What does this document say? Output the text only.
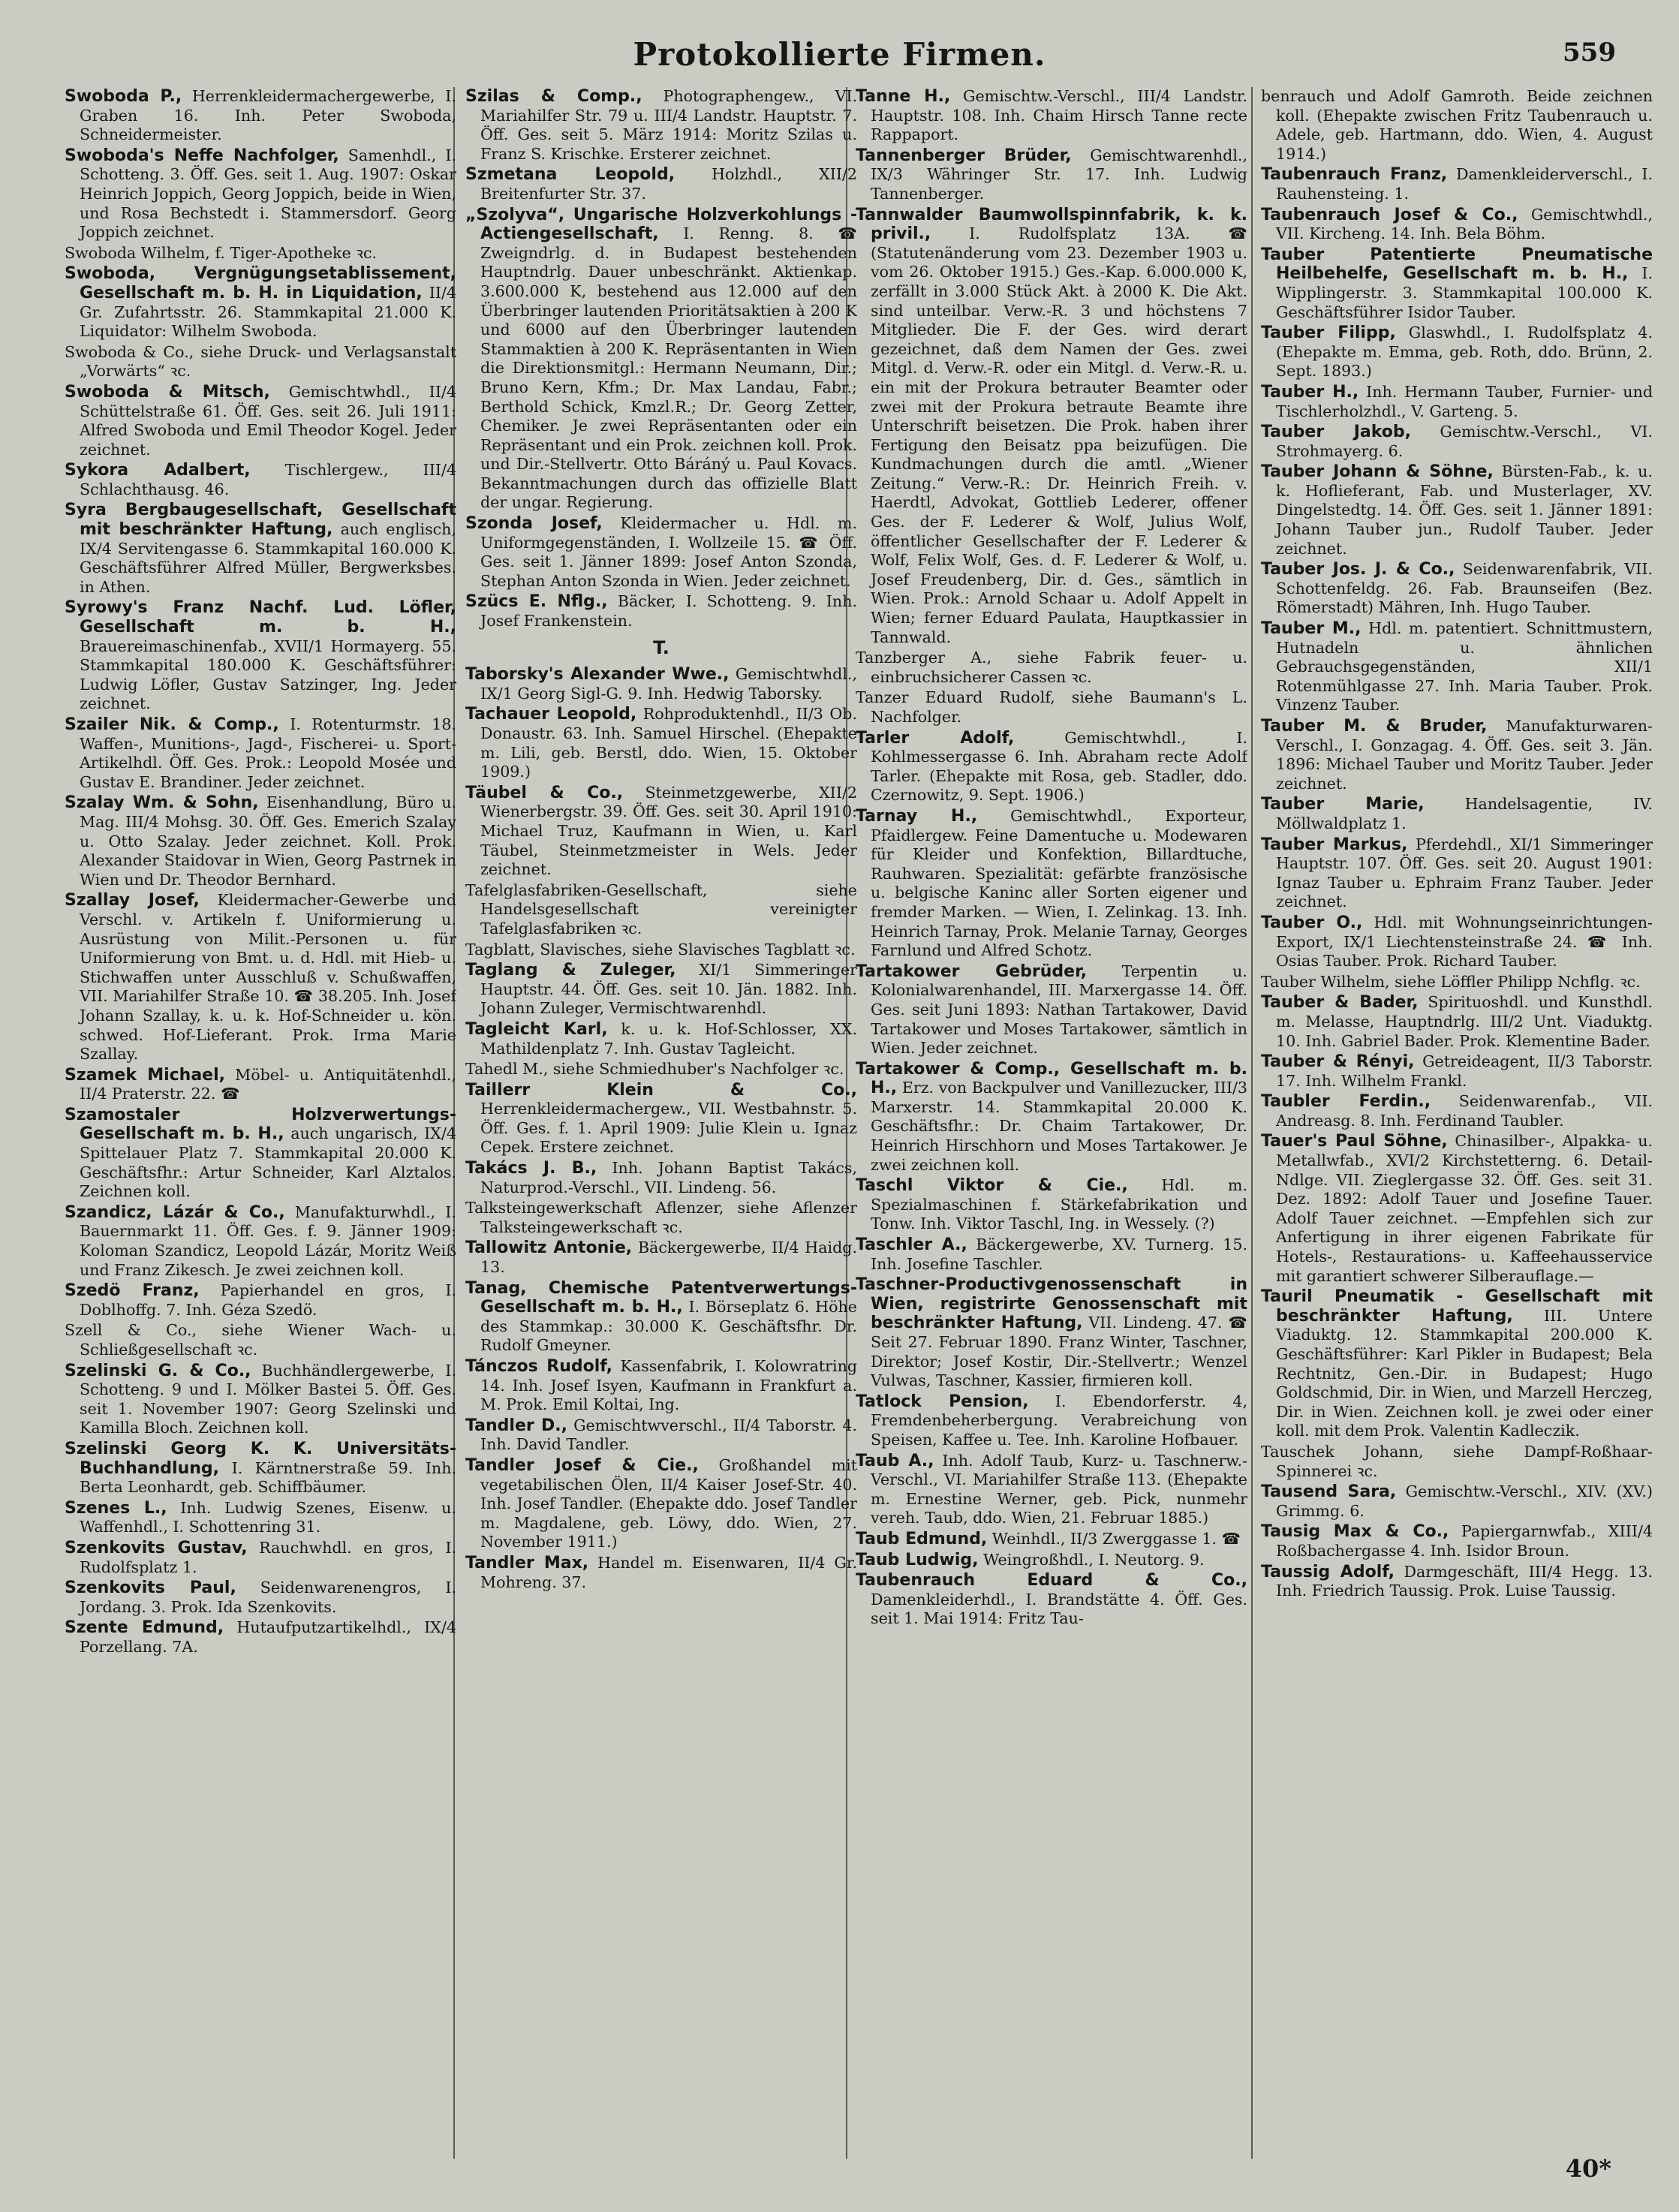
Protokollierte Firmen.	559
Swoboda P., Herrenkleidermachergewerbe, I. Graben 16. Inh. Peter Swoboda, Schneidermeister.
Swoboda's Neffe Nachfolger, Samenhdl., I. Schotteng. 3. Öff. Ges. seit 1. Aug. 1907: Oskar Heinrich Joppich, Georg Joppich, beide in Wien, und Rosa Bechstedt i. Stammersdorf. Georg Joppich zeichnet.
Swoboda Wilhelm, f. Tiger-Apotheke ꝛc.
Swoboda, Vergnügungsetablissement, Gesellschaft m. b. H. in Liquidation, II/4 Gr. Zufahrtsstr. 26. Stammkapital 21.000 K. Liquidator: Wilhelm Swoboda.
Swoboda & Co., siehe Druck- und Verlagsanstalt „Vorwärts“ ꝛc.
Swoboda & Mitsch, Gemischtwhdl., II/4 Schüttelstraße 61. Öff. Ges. seit 26. Juli 1911: Alfred Swoboda und Emil Theodor Kogel. Jeder zeichnet.
Sykora Adalbert, Tischlergew., III/4 Schlachthausg. 46.
Syra Bergbaugesellschaft, Gesellschaft mit beschränkter Haftung, auch englisch, IX/4 Servitengasse 6. Stammkapital 160.000 K. Geschäftsführer Alfred Müller, Bergwerksbes. in Athen.
Syrowy's Franz Nachf. Lud. Löfler, Gesellschaft m. b. H., Brauereimaschinenfab., XVII/1 Hormayerg. 55. Stammkapital 180.000 K. Geschäftsführer: Ludwig Löfler, Gustav Satzinger, Ing. Jeder zeichnet.
Szailer Nik. & Comp., I. Rotenturmstr. 18. Waffen-, Munitions-, Jagd-, Fischerei- u. Sport-Artikelhdl. Öff. Ges. Prok.: Leopold Mosée und Gustav E. Brandiner. Jeder zeichnet.
Szalay Wm. & Sohn, Eisenhandlung, Büro u. Mag. III/4 Mohsg. 30. Öff. Ges. Emerich Szalay u. Otto Szalay. Jeder zeichnet. Koll. Prok. Alexander Staidovar in Wien, Georg Pastrnek in Wien und Dr. Theodor Bernhard.
Szallay Josef, Kleidermacher-Gewerbe und Verschl. v. Artikeln f. Uniformierung u. Ausrüstung von Milit.-Personen u. für Uniformierung von Bmt. u. d. Hdl. mit Hieb- u. Stichwaffen unter Ausschluß v. Schußwaffen, VII. Mariahilfer Straße 10. ☎ 38.205. Inh. Josef Johann Szallay, k. u. k. Hof-Schneider u. kön. schwed. Hof-Lieferant. Prok. Irma Marie Szallay.
Szamek Michael, Möbel- u. Antiquitätenhdl., II/4 Praterstr. 22. ☎
Szamostaler Holzverwertungs-Gesellschaft m. b. H., auch ungarisch, IX/4 Spittelauer Platz 7. Stammkapital 20.000 K. Geschäftsfhr.: Artur Schneider, Karl Alztalos. Zeichnen koll.
Szandicz, Lázár & Co., Manufakturwhdl., I. Bauernmarkt 11. Öff. Ges. f. 9. Jänner 1909: Koloman Szandicz, Leopold Lázár, Moritz Weiß und Franz Zikesch. Je zwei zeichnen koll.
Szedö Franz, Papierhandel en gros, I. Doblhoffg. 7. Inh. Géza Szedö.
Szell & Co., siehe Wiener Wach- u. Schließgesellschaft ꝛc.
Szelinski G. & Co., Buchhändlergewerbe, I. Schotteng. 9 und I. Mölker Bastei 5. Öff. Ges. seit 1. November 1907: Georg Szelinski und Kamilla Bloch. Zeichnen koll.
Szelinski Georg K. K. Universitäts-Buchhandlung, I. Kärntnerstraße 59. Inh. Berta Leonhardt, geb. Schiffbäumer.
Szenes L., Inh. Ludwig Szenes, Eisenw. u. Waffenhdl., I. Schottenring 31.
Szenkovits Gustav, Rauchwhdl. en gros, I. Rudolfsplatz 1.
Szenkovits Paul, Seidenwarenengros, I. Jordang. 3. Prok. Ida Szenkovits.
Szente Edmund, Hutaufputzartikelhdl., IX/4 Porzellang. 7A.
Szilas & Comp., Photographengew., VI. Mariahilfer Str. 79 u. III/4 Landstr. Hauptstr. 7. Öff. Ges. seit 5. März 1914: Moritz Szilas u. Franz S. Krischke. Ersterer zeichnet.
Szmetana Leopold, Holzhdl., XII/2 Breitenfurter Str. 37.
„Szolyva“, Ungarische Holzverkohlungs - Actiengesellschaft, I. Renng. 8. ☎ Zweigndrlg. d. in Budapest bestehenden Hauptndrlg. Dauer unbeschränkt. Aktienkap. 3.600.000 K, bestehend aus 12.000 auf den Überbringer lautenden Prioritätsaktien à 200 K und 6000 auf den Überbringer lautenden Stammaktien à 200 K. Repräsentanten in Wien die Direktionsmitgl.: Hermann Neumann, Dir.; Bruno Kern, Kfm.; Dr. Max Landau, Fabr.; Berthold Schick, Kmzl.R.; Dr. Georg Zetter, Chemiker. Je zwei Repräsentanten oder ein Repräsentant und ein Prok. zeichnen koll. Prok. und Dir.-Stellvertr. Otto Báráný u. Paul Kovacs. Bekanntmachungen durch das offizielle Blatt der ungar. Regierung.
Szonda Josef, Kleidermacher u. Hdl. m. Uniformgegenständen, I. Wollzeile 15. ☎ Öff. Ges. seit 1. Jänner 1899: Josef Anton Szonda, Stephan Anton Szonda in Wien. Jeder zeichnet.
Szücs E. Nflg., Bäcker, I. Schotteng. 9. Inh. Josef Frankenstein.
T.
Taborsky's Alexander Wwe., Gemischtwhdl., IX/1 Georg Sigl-G. 9. Inh. Hedwig Taborsky.
Tachauer Leopold, Rohproduktenhdl., II/3 Ob. Donaustr. 63. Inh. Samuel Hirschel. (Ehepakte m. Lili, geb. Berstl, ddo. Wien, 15. Oktober 1909.)
Täubel & Co., Steinmetzgewerbe, XII/2 Wienerbergstr. 39. Öff. Ges. seit 30. April 1910: Michael Truz, Kaufmann in Wien, u. Karl Täubel, Steinmetzmeister in Wels. Jeder zeichnet.
Tafelglasfabriken-Gesellschaft,	siehe Handelsgesellschaft vereinigter Tafelglasfabriken ꝛc.
Tagblatt, Slavisches, siehe Slavisches Tagblatt ꝛc.
Taglang & Zuleger, XI/1 Simmeringer Hauptstr. 44. Öff. Ges. seit 10. Jän. 1882. Inh. Johann Zuleger, Vermischtwarenhdl.
Tagleicht Karl, k. u. k. Hof-Schlosser, XX. Mathildenplatz 7. Inh. Gustav Tagleicht.
Tahedl M., siehe Schmiedhuber's Nachfolger ꝛc.
Taillerr Klein & Co., Herrenkleidermachergew., VII. Westbahnstr. 5. Öff. Ges. f. 1. April 1909: Julie Klein u. Ignaz Cepek. Erstere zeichnet.
Takács J. B., Inh. Johann Baptist Takács, Naturprod.-Verschl., VII. Lindeng. 56.
Talksteingewerkschaft Aflenzer, siehe Aflenzer Talksteingewerkschaft ꝛc.
Tallowitz Antonie, Bäckergewerbe, II/4 Haidg. 13.
Tanag, Chemische Patentverwertungs-Gesellschaft m. b. H., I. Börseplatz 6. Höhe des Stammkap.: 30.000 K. Geschäftsfhr. Dr. Rudolf Gmeyner.
Tánczos Rudolf, Kassenfabrik, I. Kolowratring 14. Inh. Josef Isyen, Kaufmann in Frankfurt a. M. Prok. Emil Koltai, Ing.
Tandler D., Gemischtwverschl., II/4 Taborstr. 4. Inh. David Tandler.
Tandler Josef & Cie., Großhandel mit vegetabilischen Ölen, II/4 Kaiser Josef-Str. 40. Inh. Josef Tandler. (Ehepakte ddo. Josef Tandler m. Magdalene, geb. Löwy, ddo. Wien, 27. November 1911.)
Tandler Max, Handel m. Eisenwaren, II/4 Gr. Mohreng. 37.
Tanne H., Gemischtw.-Verschl., III/4 Landstr. Hauptstr. 108. Inh. Chaim Hirsch Tanne recte Rappaport.
Tannenberger Brüder, Gemischtwarenhdl., IX/3 Währinger Str. 17. Inh. Ludwig Tannenberger.
Tannwalder Baumwollspinnfabrik, k. k. privil., I. Rudolfsplatz 13A. ☎ (Statutenänderung vom 23. Dezember 1903 u. vom 26. Oktober 1915.) Ges.-Kap. 6.000.000 K, zerfällt in 3.000 Stück Akt. à 2000 K. Die Akt. sind unteilbar. Verw.-R. 3 und höchstens 7 Mitglieder. Die F. der Ges. wird derart gezeichnet, daß dem Namen der Ges. zwei Mitgl. d. Verw.-R. oder ein Mitgl. d. Verw.-R. u. ein mit der Prokura betrauter Beamter oder zwei mit der Prokura betraute Beamte ihre Unterschrift beisetzen. Die Prok. haben ihrer Fertigung den Beisatz ppa beizufügen. Die Kundmachungen durch die amtl. „Wiener Zeitung.“ Verw.-R.: Dr. Heinrich Freih. v. Haerdtl, Advokat, Gottlieb Lederer, offener Ges. der F. Lederer & Wolf, Julius Wolf, öffentlicher Gesellschafter der F. Lederer & Wolf, Felix Wolf, Ges. d. F. Lederer & Wolf, u. Josef Freudenberg, Dir. d. Ges., sämtlich in Wien. Prok.: Arnold Schaar u. Adolf Appelt in Wien; ferner Eduard Paulata, Hauptkassier in Tannwald.
Tanzberger A., siehe Fabrik feuer- u. einbruchsicherer Cassen ꝛc.
Tanzer Eduard Rudolf, siehe Baumann's L. Nachfolger.
Tarler Adolf,	Gemischtwhdl., I. Kohlmessergasse 6. Inh. Abraham recte Adolf Tarler. (Ehepakte mit Rosa, geb. Stadler, ddo. Czernowitz, 9. Sept. 1906.)
Tarnay H., Gemischtwhdl., Exporteur, Pfaidlergew. Feine Damentuche u. Modewaren für Kleider und Konfektion, Billardtuche, Rauhwaren. Spezialität: gefärbte französische u. belgische Kaninc aller Sorten eigener und fremder Marken. — Wien, I. Zelinkag. 13. Inh. Heinrich Tarnay, Prok. Melanie Tarnay, Georges Farnlund und Alfred Schotz.
Tartakower Gebrüder, Terpentin u. Kolonialwarenhandel, III. Marxergasse 14. Öff. Ges. seit Juni 1893: Nathan Tartakower, David Tartakower und Moses Tartakower, sämtlich in Wien. Jeder zeichnet.
Tartakower & Comp., Gesellschaft m. b. H., Erz. von Backpulver und Vanillezucker, III/3 Marxerstr. 14. Stammkapital 20.000 K. Geschäftsfhr.: Dr. Chaim Tartakower, Dr. Heinrich Hirschhorn und Moses Tartakower. Je zwei zeichnen koll.
Taschl Viktor & Cie., Hdl. m. Spezialmaschinen f. Stärkefabrikation und Tonw. Inh. Viktor Taschl, Ing. in Wessely. (?)
Taschler A., Bäckergewerbe, XV. Turnerg. 15. Inh. Josefine Taschler.
Taschner-Productivgenossenschaft in Wien, registrirte Genossenschaft mit beschränkter Haftung, VII. Lindeng. 47. ☎ Seit 27. Februar 1890. Franz Winter, Taschner, Direktor; Josef Kostir, Dir.-Stellvertr.; Wenzel Vulwas, Taschner, Kassier, firmieren koll.
Tatlock Pension, I. Ebendorferstr. 4, Fremdenbeherbergung. Verabreichung von Speisen, Kaffee u. Tee. Inh. Karoline Hofbauer.
Taub A., Inh. Adolf Taub, Kurz- u. Taschnerw.-Verschl., VI. Mariahilfer Straße 113. (Ehepakte m. Ernestine Werner, geb. Pick, nunmehr vereh. Taub, ddo. Wien, 21. Februar 1885.)
Taub Edmund, Weinhdl., II/3 Zwerggasse 1. ☎
Taub Ludwig, Weingroßhdl., I. Neutorg. 9.
Taubenrauch Eduard & Co., Damenkleiderhdl., I. Brandstätte 4. Öff. Ges. seit 1. Mai 1914: Fritz Tau-
benrauch und Adolf Gamroth. Beide zeichnen koll. (Ehepakte zwischen Fritz Taubenrauch u. Adele, geb. Hartmann, ddo. Wien, 4. August 1914.)
Taubenrauch Franz, Damenkleiderverschl., I. Rauhensteing. 1.
Taubenrauch Josef & Co., Gemischtwhdl., VII. Kircheng. 14. Inh. Bela Böhm.
Tauber Patentierte Pneumatische Heilbehelfe, Gesellschaft m. b. H., I. Wipplingerstr. 3. Stammkapital 100.000 K. Geschäftsführer Isidor Tauber.
Tauber Filipp, Glaswhdl., I. Rudolfsplatz 4. (Ehepakte m. Emma, geb. Roth, ddo. Brünn, 2. Sept. 1893.)
Tauber H., Inh. Hermann Tauber, Furnier- und Tischlerholzhdl., V. Garteng. 5.
Tauber Jakob, Gemischtw.-Verschl., VI. Strohmayerg. 6.
Tauber Johann & Söhne, Bürsten-Fab., k. u. k. Hoflieferant, Fab. und Musterlager, XV. Dingelstedtg. 14. Öff. Ges. seit 1. Jänner 1891: Johann Tauber jun., Rudolf Tauber. Jeder zeichnet.
Tauber Jos. J. & Co., Seidenwarenfabrik, VII. Schottenfeldg. 26. Fab. Braunseifen (Bez. Römerstadt) Mähren, Inh. Hugo Tauber.
Tauber M., Hdl. m. patentiert. Schnittmustern, Hutnadeln u. ähnlichen Gebrauchsgegenständen, XII/1 Rotenmühlgasse 27. Inh. Maria Tauber. Prok. Vinzenz Tauber.
Tauber M. & Bruder, Manufakturwaren-Verschl., I. Gonzagag. 4. Öff. Ges. seit 3. Jän. 1896: Michael Tauber und Moritz Tauber. Jeder zeichnet.
Tauber Marie,	Handelsagentie, IV. Möllwaldplatz 1.
Tauber Markus, Pferdehdl., XI/1 Simmeringer Hauptstr. 107. Öff. Ges. seit 20. August 1901: Ignaz Tauber u. Ephraim Franz Tauber. Jeder zeichnet.
Tauber O., Hdl. mit Wohnungseinrichtungen-Export, IX/1 Liechtensteinstraße 24. ☎ Inh. Osias Tauber. Prok. Richard Tauber.
Tauber Wilhelm, siehe Löffler Philipp Nchflg. ꝛc.
Tauber & Bader, Spirituoshdl. und Kunsthdl. m. Melasse, Hauptndrlg. III/2 Unt. Viaduktg. 10. Inh. Gabriel Bader. Prok. Klementine Bader.
Tauber & Rényi, Getreideagent, II/3 Taborstr. 17. Inh. Wilhelm Frankl.
Taubler Ferdin., Seidenwarenfab., VII. Andreasg. 8. Inh. Ferdinand Taubler.
Tauer's Paul Söhne, Chinasilber-, Alpakka- u. Metallwfab., XVI/2 Kirchstetterng. 6. Detail-Ndlge. VII. Zieglergasse 32. Öff. Ges. seit 31. Dez. 1892: Adolf Tauer und Josefine Tauer. Adolf Tauer zeichnet. —Empfehlen sich zur Anfertigung in ihrer eigenen Fabrikate für Hotels-, Restaurations- u. Kaffeehausservice mit garantiert schwerer Silberauflage.—
Tauril Pneumatik - Gesellschaft mit beschränkter Haftung, III. Untere Viaduktg. 12. Stammkapital 200.000 K. Geschäftsführer: Karl Pikler in Budapest; Bela Rechtnitz, Gen.-Dir. in Budapest; Hugo Goldschmid, Dir. in Wien, und Marzell Herczeg, Dir. in Wien. Zeichnen koll. je zwei oder einer koll. mit dem Prok. Valentin Kadleczik.
Tauschek Johann, siehe Dampf-Roßhaar-Spinnerei ꝛc.
Tausend Sara, Gemischtw.-Verschl., XIV. (XV.) Grimmg. 6.
Tausig Max & Co., Papiergarnwfab., XIII/4 Roßbachergasse 4. Inh. Isidor Broun.
Taussig Adolf, Darmgeschäft, III/4 Hegg. 13. Inh. Friedrich Taussig. Prok. Luise Taussig.
40*
